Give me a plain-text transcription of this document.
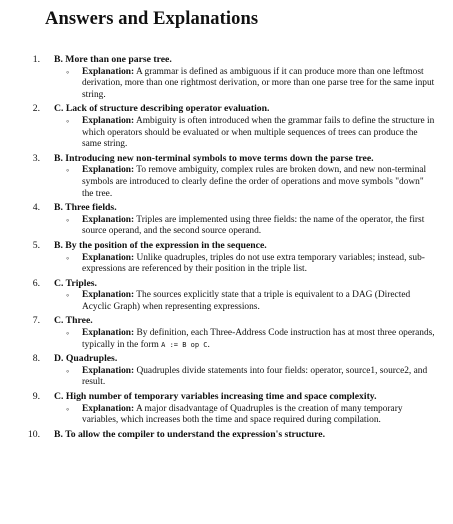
Answers and Explanations
1.	B. More than one parse tree.
◦ Explanation: A grammar is defined as ambiguous if it can produce more than one leftmost derivation, more than one rightmost derivation, or more than one parse tree for the same input string.
2.	C. Lack of structure describing operator evaluation.
◦ Explanation: Ambiguity is often introduced when the grammar fails to define the structure in which operators should be evaluated or when multiple sequences of trees can produce the same string.
3.	B. Introducing new non-terminal symbols to move terms down the parse tree.
◦ Explanation: To remove ambiguity, complex rules are broken down, and new non-terminal symbols are introduced to clearly define the order of operations and move symbols "down" the tree.
4.	B. Three fields.
◦ Explanation: Triples are implemented using three fields: the name of the operator, the first source operand, and the second source operand.
5.	B. By the position of the expression in the sequence.
◦ Explanation: Unlike quadruples, triples do not use extra temporary variables; instead, sub-expressions are referenced by their position in the triple list.
6.	C. Triples.
◦ Explanation: The sources explicitly state that a triple is equivalent to a DAG (Directed Acyclic Graph) when representing expressions.
7.	C. Three.
◦ Explanation: By definition, each Three-Address Code instruction has at most three operands, typically in the form A := B op C.
8.	D. Quadruples.
◦ Explanation: Quadruples divide statements into four fields: operator, source1, source2, and result.
9.	C. High number of temporary variables increasing time and space complexity.
◦ Explanation: A major disadvantage of Quadruples is the creation of many temporary variables, which increases both the time and space required during compilation.
10.	B. To allow the compiler to understand the expression's structure.
